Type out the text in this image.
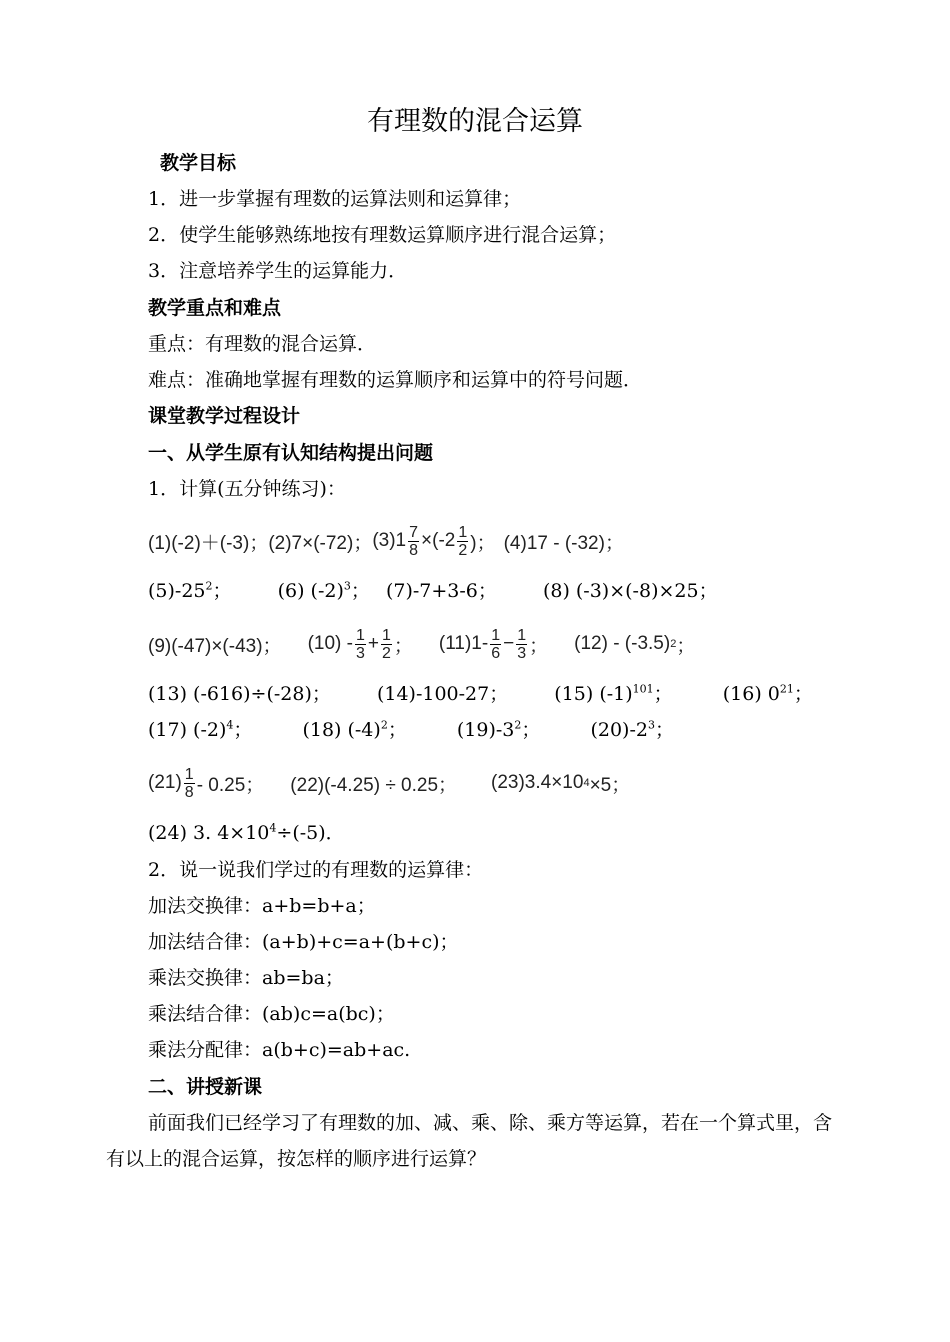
有理数的混合运算
教学目标
1．进一步掌握有理数的运算法则和运算律；
2．使学生能够熟练地按有理数运算顺序进行混合运算；
3．注意培养学生的运算能力．
教学重点和难点
重点：有理数的混合运算．
难点：准确地掌握有理数的运算顺序和运算中的符号问题．
课堂教学过程设计
一、从学生原有认知结构提出问题
1．计算(五分钟练习)：
(1)(-2)＋(-3)； (2)7×(-72)； $(3)1 \frac{7}{8} \times(-2 \frac{1}{2}$ )； (4)17 - (-32)；
$(5)-25^2$； (6) $(-2)^3$； (7)-7+3-6； (8) (-3)×(-8)×25；
(9)(-47)×(-43)； $(10) - \frac{1}{3} + \frac{1}{2}$ ； $(11)1- \frac{1}{6} - \frac{1}{3}$ ； (12) - (-3.5) 2 ；
(13) (-616)÷(-28)； (14)-100-27； (15) $(-1)^{101}$；	(16) $0^{21}$；
(17) $(-2)^4$；	(18) $(-4)^2$；	$(19)-3^2$；	$(20)-2^3$；
$(21) \frac{1}{8} - 0.25$； (22)(-4.25) ÷ 0.25； (23)3.4×10 4 ×5；
(24) 3. $4\times 10^4\div(-5)$．
2．说一说我们学过的有理数的运算律：
加法交换律：a+b=b+a；
加法结合律：(a+b)+c=a+(b+c)；
乘法交换律：ab=ba；
乘法结合律：(ab)c=a(bc)；
乘法分配律：a(b+c)=ab+ac.
二、讲授新课
前面我们已经学习了有理数的加、减、乘、除、乘方等运算，若在一个算式里，含有以上的混合运算，按怎样的顺序进行运算？
